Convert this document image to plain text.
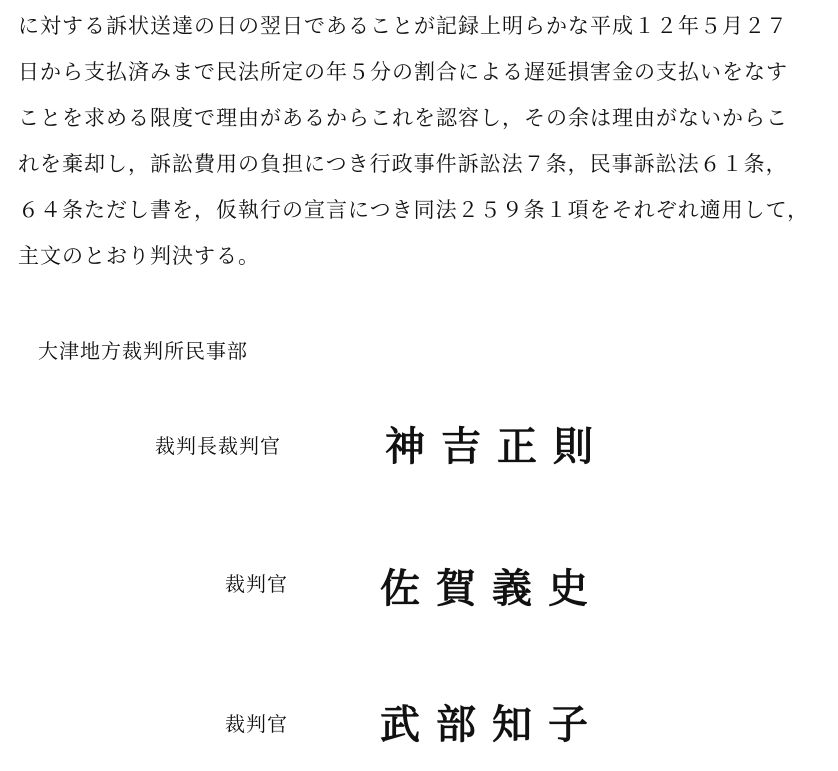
に対する訴状送達の日の翌日であることが記録上明らかな平成１２年５月２７
日から支払済みまで民法所定の年５分の割合による遅延損害金の支払いをなす
ことを求める限度で理由があるからこれを認容し，その余は理由がないからこ
れを棄却し，訴訟費用の負担につき行政事件訴訟法７条，民事訴訟法６１条，
６４条ただし書を，仮執行の宣言につき同法２５９条１項をそれぞれ適用して，
主文のとおり判決する。
大津地方裁判所民事部
裁判長裁判官	神吉正則
裁判官 佐賀義史
裁判官 武部知子
